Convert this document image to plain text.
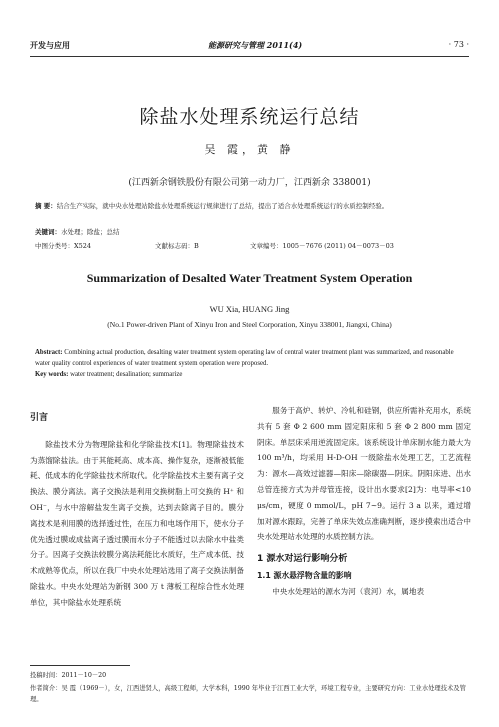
开发与应用	能源研究与管理 2011(4)	· 73 ·
除盐水处理系统运行总结
吴 霞，黄 静
(江西新余钢铁股份有限公司第一动力厂，江西新余 338001)
摘 要：结合生产实际，就中央水处理站除盐水处理系统运行规律进行了总结，提出了适合水处理系统运行的水质控制经验。
关键词：水处理；除盐；总结
中图分类号：X524	文献标志码：B	文章编号：1005－7676 (2011) 04－0073－03
Summarization of Desalted Water Treatment System Operation
WU Xia, HUANG Jing
(No.1 Power-driven Plant of Xinyu Iron and Steel Corporation, Xinyu 338001, Jiangxi, China)
Abstract: Combining actual production, desalting water treatment system operating law of central water treatment plant was summarized, and reasonable water quality control experiences of water treatment system operation were proposed.
Key words: water treatment; desalination; summarize
引言

除盐技术分为物理除盐和化学除盐技术[1]。物理除盐技术为蒸馏除盐法。由于其能耗高、成本高、操作复杂，逐渐被低能耗、低成本的化学除盐技术所取代。化学除盐技术主要有离子交换法、膜分离法。离子交换法是利用交换树脂上可交换的 H⁺ 和 OH⁻，与水中溶解盐发生离子交换，达到去除离子目的。膜分离技术是利用膜的选择透过性，在压力和电场作用下，使水分子优先透过膜或成盐离子透过膜而水分子不能透过以去除水中盐类分子。因离子交换法较膜分离法耗能比水质好，生产成本低、技术成熟等优点，所以在我厂中央水处理站选用了离子交换法制备除盐水。中央水处理站为新钢 300 万 t 薄板工程综合性水处理单位，其中除盐水处理系统

服务于高炉、转炉、冷轧和硅钢，供应所需补充用水，系统共有 5 套 Φ 2 600 mm 固定阳床和 5 套 Φ 2 800 mm 固定阴床。单层床采用逆流固定床。该系统设计单床制水能力最大为 100 m³/h，均采用 H-D-OH 一级除盐水处理工艺，工艺流程为：源水—高效过滤器—阳床—除碳器—阴床。阴阳床进、出水总管连接方式为并母管连接，设计出水要求[2]为：电导率<10 μs/cm，硬度 0 mmol/L，pH 7~9。运行 3 a 以来，通过增加对源水跟踪，完善了单床失效点准确判断，逐步摸索出适合中央水处理站水处理的水质控制方法。

1 源水对运行影响分析
1.1 源水悬浮物含量的影响

中央水处理站的源水为河（袁河）水，属地表

投稿时间：2011－10－20
作者简介：吴 霞（1969－），女，江西进贤人，高级工程师，大学本科，1990 年毕业于江西工业大学，环境工程专业，主要研究方向：工业水处理技术及管理。
